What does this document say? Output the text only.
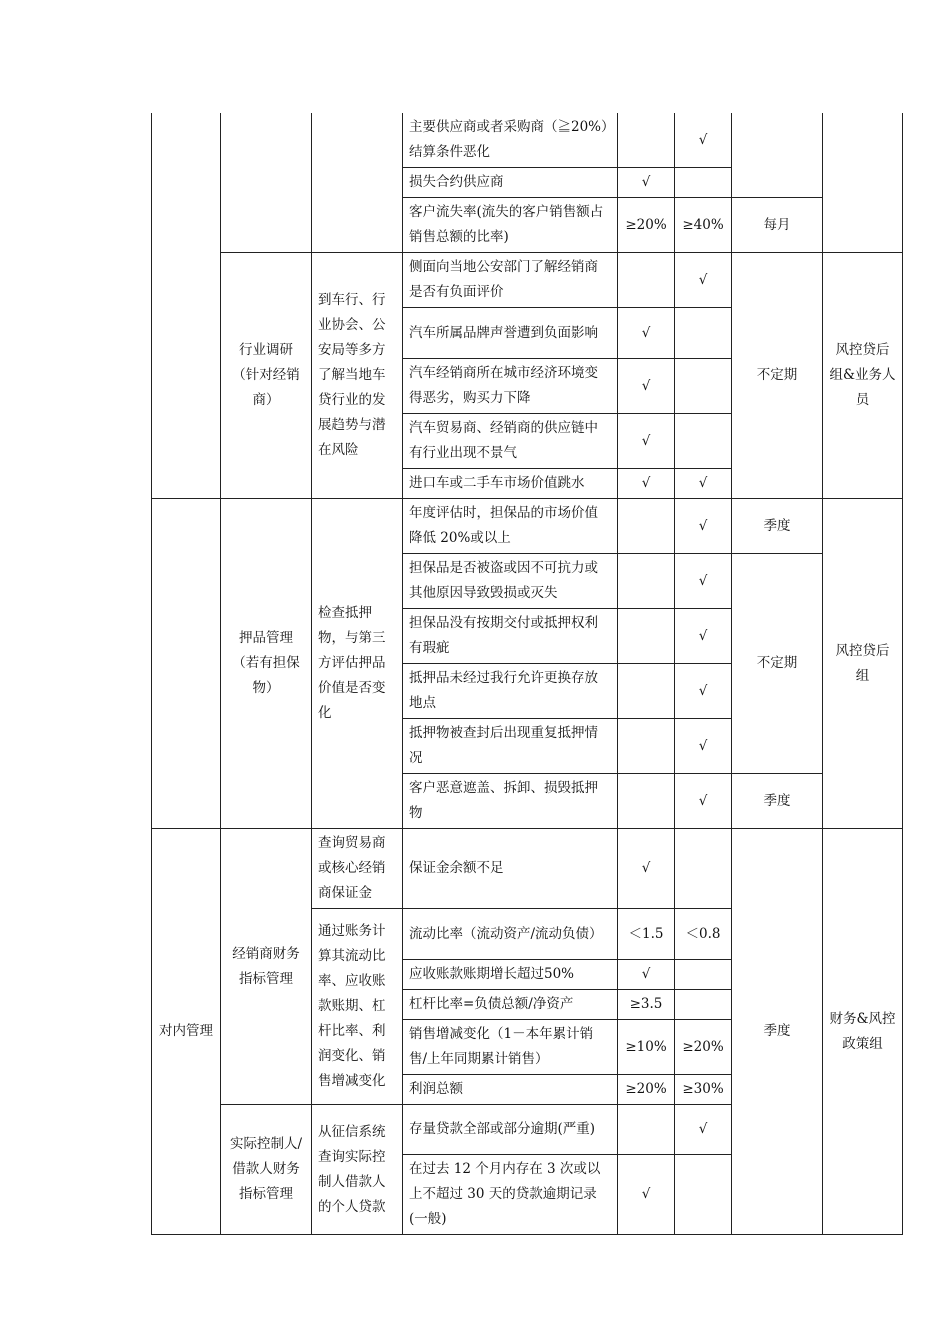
			主要供应商或者采购商（≧20%）结算条件恶化		√		
			损失合约供应商	√			
			客户流失率(流失的客户销售额占销售总额的比率)	≥20%	≥40%	每月	
	行业调研（针对经销商）	到车行、行业协会、公安局等多方了解当地车贷行业的发展趋势与潜在风险	侧面向当地公安部门了解经销商是否有负面评价		√	不定期	风控贷后组&业务人员
			汽车所属品牌声誉遭到负面影响	√			
			汽车经销商所在城市经济环境变得恶劣，购买力下降	√			
			汽车贸易商、经销商的供应链中有行业出现不景气	√			
			进口车或二手车市场价值跳水	√	√		
	押品管理（若有担保物）	检查抵押物，与第三方评估押品价值是否变化	年度评估时，担保品的市场价值降低 20%或以上		√	季度	风控贷后组
			担保品是否被盗或因不可抗力或其他原因导致毁损或灭失		√	不定期	
			担保品没有按期交付或抵押权利有瑕疵		√		
			抵押品未经过我行允许更换存放地点		√		
			抵押物被查封后出现重复抵押情况		√		
			客户恶意遮盖、拆卸、损毁抵押物		√	季度	
对内管理	经销商财务指标管理	查询贸易商或核心经销商保证金	保证金余额不足	√		季度	财务&风控政策组
		通过账务计算其流动比率、应收账款账期、杠杆比率、利润变化、销售增减变化	流动比率（流动资产/流动负债）	＜1.5	＜0.8		
			应收账款账期增长超过50%	√			
			杠杆比率=负债总额/净资产	≥3.5			
			销售增减变化（1－本年累计销售/上年同期累计销售）	≥10%	≥20%		
			利润总额	≥20%	≥30%		
	实际控制人/借款人财务指标管理	从征信系统查询实际控制人借款人的个人贷款	存量贷款全部或部分逾期(严重)		√		
			在过去 12 个月内存在 3 次或以上不超过 30 天的贷款逾期记录(一般)	√			
